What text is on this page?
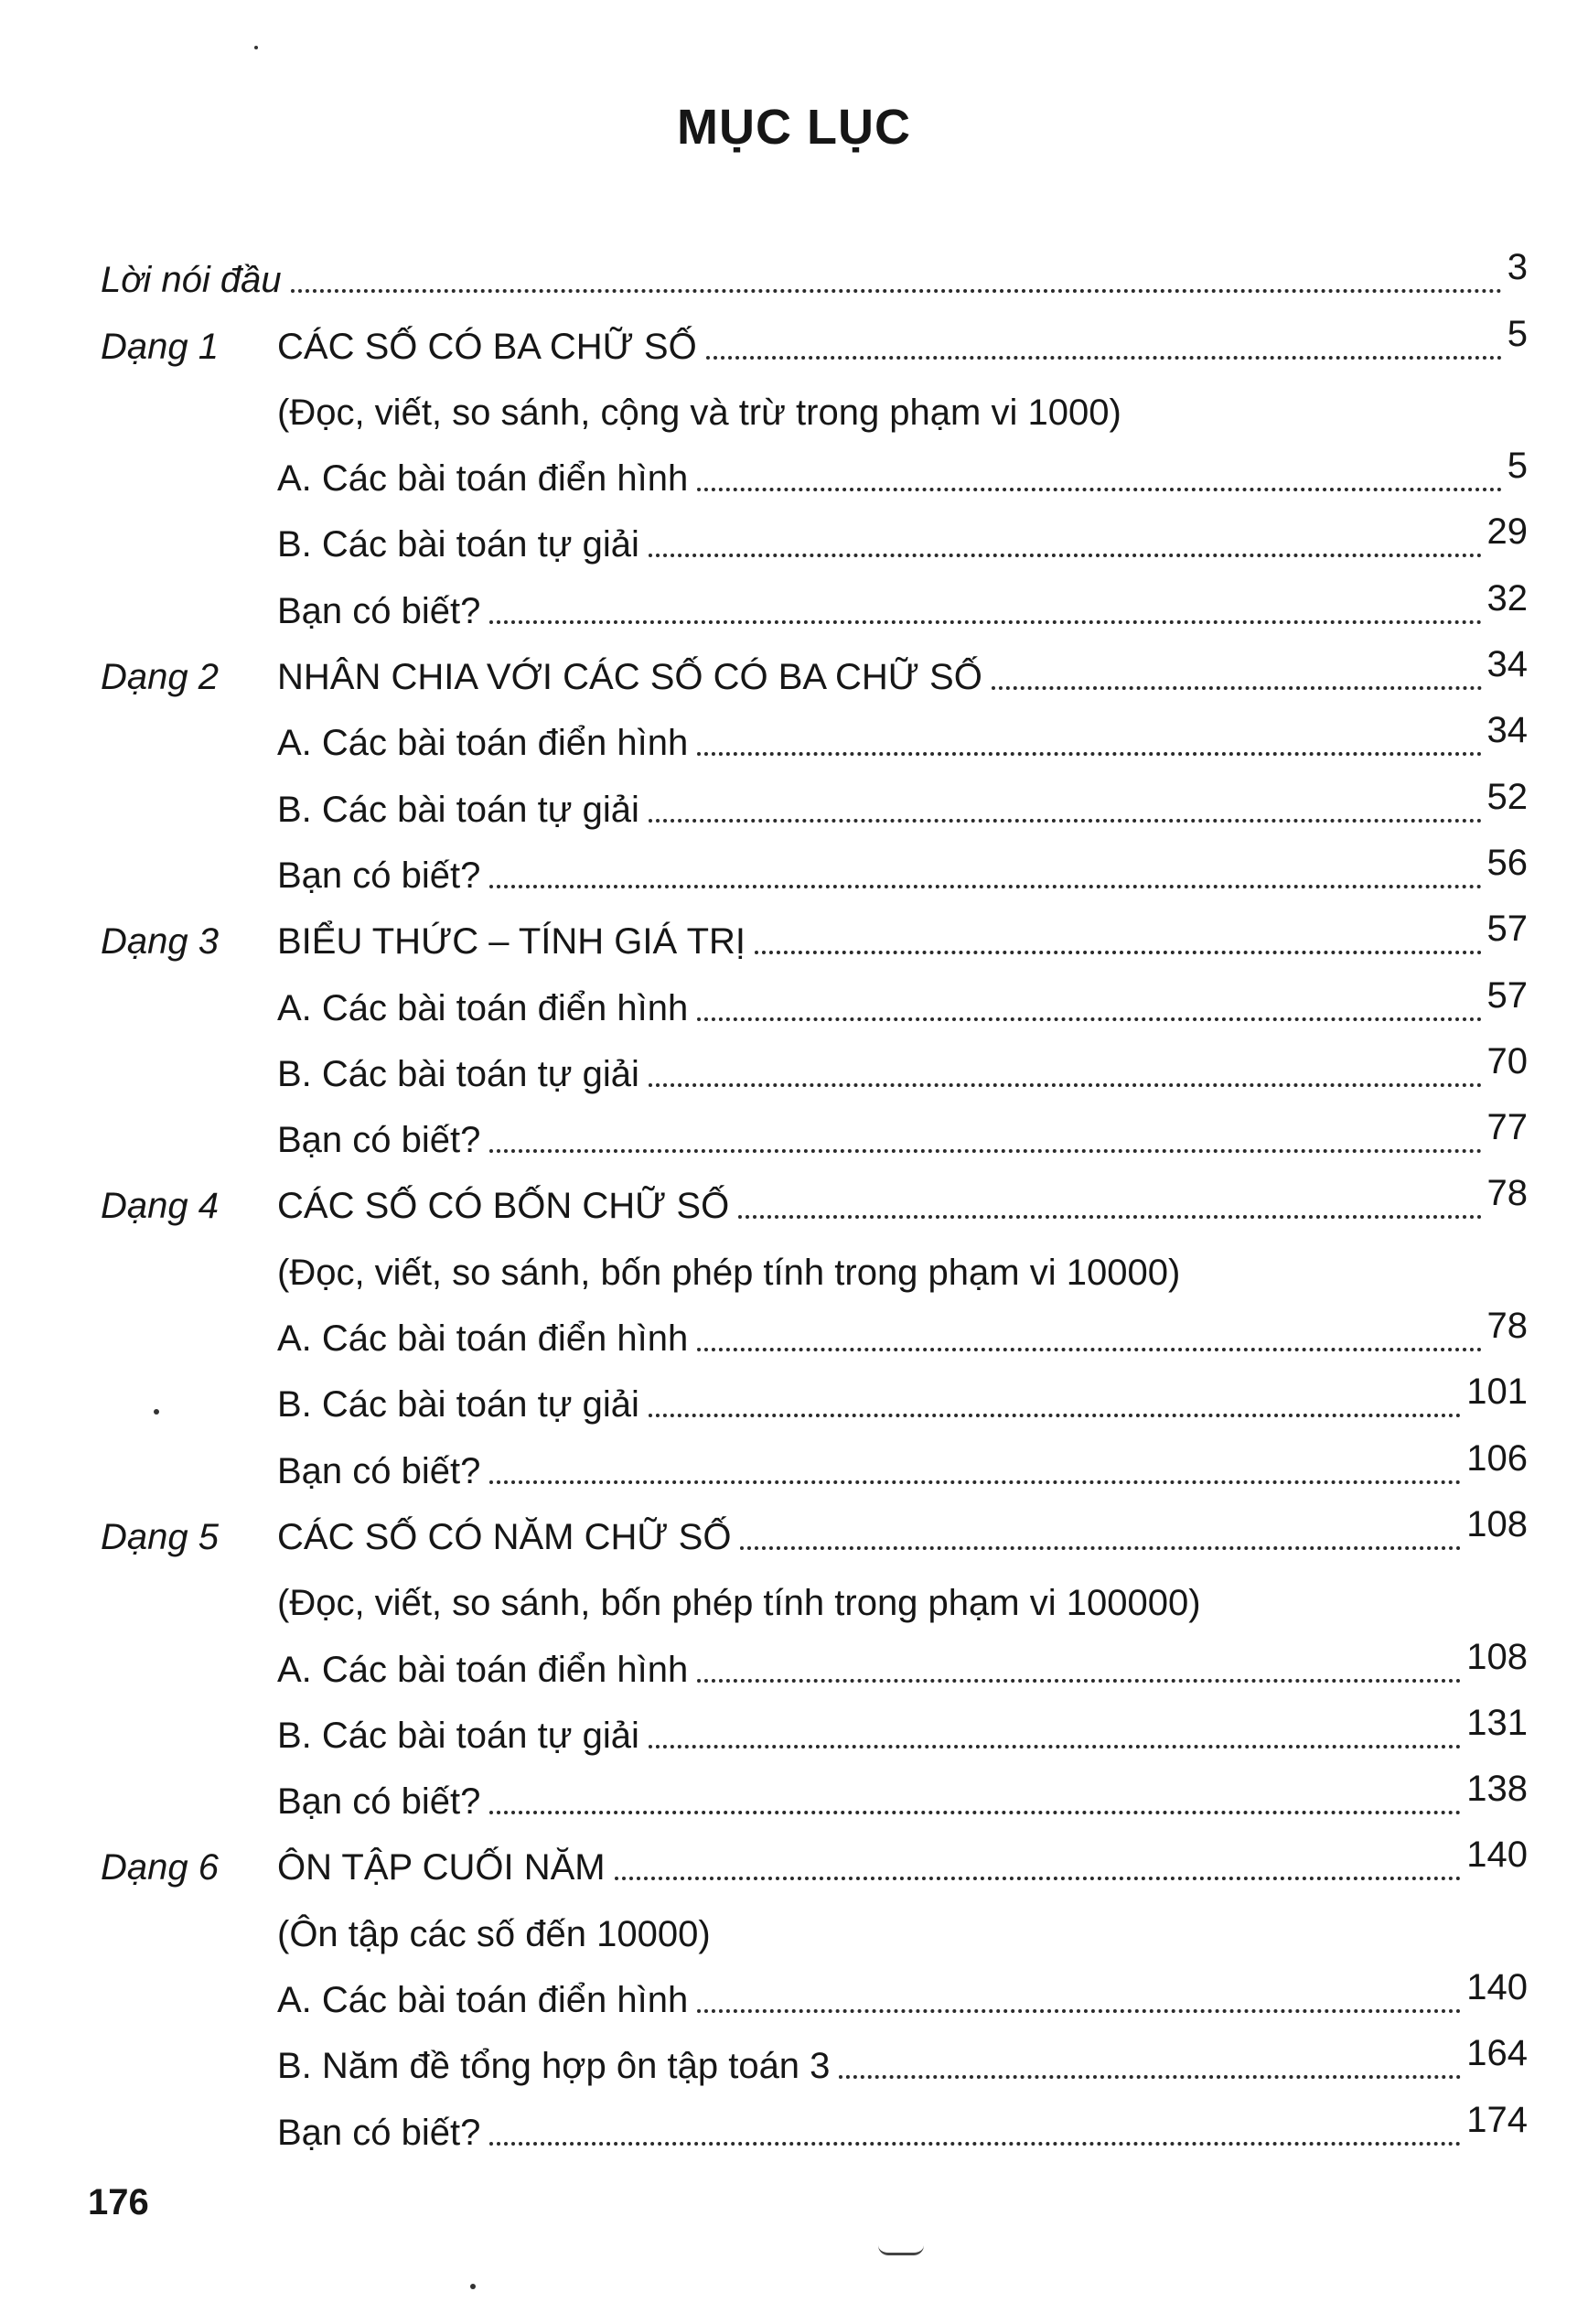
MỤC LỤC
Lời nói đầu	3
Dạng 1	CÁC SỐ CÓ BA CHỮ SỐ	5
(Đọc, viết, so sánh, cộng và trừ trong phạm vi 1000)
A. Các bài toán điển hình	5
B. Các bài toán tự giải	29
Bạn có biết?	32
Dạng 2	NHÂN CHIA VỚI CÁC SỐ CÓ BA CHỮ SỐ	34
A. Các bài toán điển hình	34
B. Các bài toán tự giải	52
Bạn có biết?	56
Dạng 3	BIỂU THỨC – TÍNH GIÁ TRỊ	57
A. Các bài toán điển hình	57
B. Các bài toán tự giải	70
Bạn có biết?	77
Dạng 4	CÁC SỐ CÓ BỐN CHỮ SỐ	78
(Đọc, viết, so sánh, bốn phép tính trong phạm vi 10000)
A. Các bài toán điển hình	78
B. Các bài toán tự giải	101
Bạn có biết?	106
Dạng 5	CÁC SỐ CÓ NĂM CHỮ SỐ	108
(Đọc, viết, so sánh, bốn phép tính trong phạm vi 100000)
A. Các bài toán điển hình	108
B. Các bài toán tự giải	131
Bạn có biết?	138
Dạng 6	ÔN TẬP CUỐI NĂM	140
(Ôn tập các số đến 10000)
A. Các bài toán điển hình	140
B. Năm đề tổng hợp ôn tập toán 3	164
Bạn có biết?	174
176
